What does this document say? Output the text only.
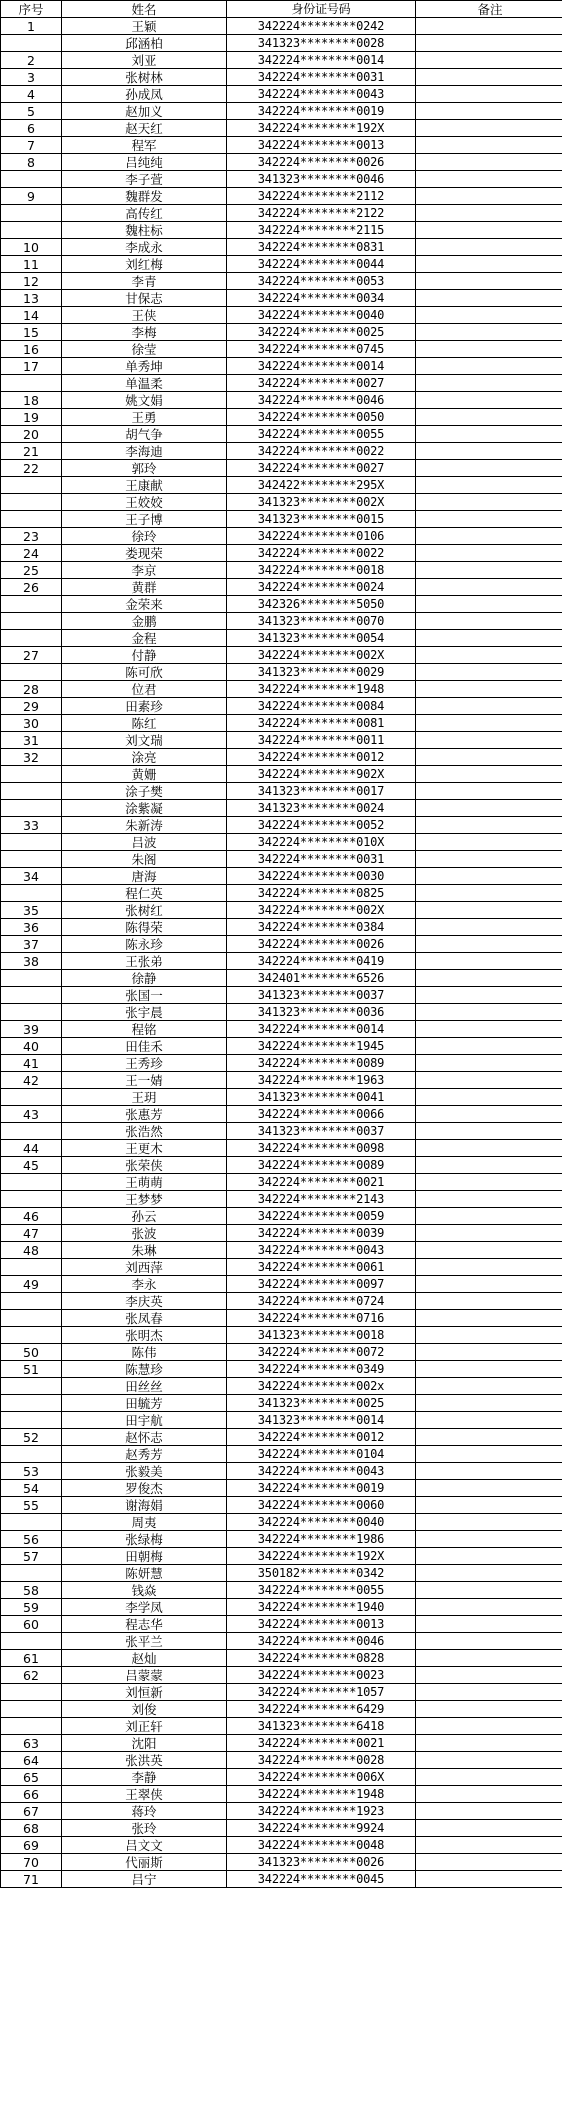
序号	姓名	身份证号码	备注
1	王颖	342224********0242	
	邱涵柏	341323********0028	
2	刘亚	342224********0014	
3	张树林	342224********0031	
4	孙成凤	342224********0043	
5	赵加义	342224********0019	
6	赵天红	342224********192X	
7	程军	342224********0013	
8	吕纯纯	342224********0026	
	李子萱	341323********0046	
9	魏群发	342224********2112	
	高传红	342224********2122	
	魏柱标	342224********2115	
10	李成永	342224********0831	
11	刘红梅	342224********0044	
12	李青	342224********0053	
13	甘保志	342224********0034	
14	王侠	342224********0040	
15	李梅	342224********0025	
16	徐莹	342224********0745	
17	单秀坤	342224********0014	
	单温柔	342224********0027	
18	姚文娟	342224********0046	
19	王勇	342224********0050	
20	胡气争	342224********0055	
21	李海迪	342224********0022	
22	郭玲	342224********0027	
	王康献	342422********295X	
	王姣姣	341323********002X	
	王子博	341323********0015	
23	徐玲	342224********0106	
24	娄现荣	342224********0022	
25	李京	342224********0018	
26	黄群	342224********0024	
	金荣来	342326********5050	
	金鹏	341323********0070	
	金程	341323********0054	
27	付静	342224********002X	
	陈可欣	341323********0029	
28	位君	342224********1948	
29	田素珍	342224********0084	
30	陈红	342224********0081	
31	刘文瑞	342224********0011	
32	涂亮	342224********0012	
	黄姗	342224********902X	
	涂子樊	341323********0017	
	涂紫凝	341323********0024	
33	朱新涛	342224********0052	
	吕波	342224********010X	
	朱阁	342224********0031	
34	唐海	342224********0030	
	程仁英	342224********0825	
35	张树红	342224********002X	
36	陈得荣	342224********0384	
37	陈永珍	342224********0026	
38	王张弟	342224********0419	
	徐静	342401********6526	
	张国一	341323********0037	
	张宇晨	341323********0036	
39	程铭	342224********0014	
40	田佳禾	342224********1945	
41	王秀珍	342224********0089	
42	王一婧	342224********1963	
	王玥	341323********0041	
43	张惠芳	342224********0066	
	张浩然	341323********0037	
44	王更木	342224********0098	
45	张荣侠	342224********0089	
	王萌萌	342224********0021	
	王梦梦	342224********2143	
46	孙云	342224********0059	
47	张波	342224********0039	
48	朱琳	342224********0043	
	刘西萍	342224********0061	
49	李永	342224********0097	
	李庆英	342224********0724	
	张凤春	342224********0716	
	张明杰	341323********0018	
50	陈伟	342224********0072	
51	陈慧珍	342224********0349	
	田丝丝	342224********002x	
	田毓芳	341323********0025	
	田宇航	341323********0014	
52	赵怀志	342224********0012	
	赵秀芳	342224********0104	
53	张毅美	342224********0043	
54	罗俊杰	342224********0019	
55	谢海娟	342224********0060	
	周夷	342224********0040	
56	张绿梅	342224********1986	
57	田朝梅	342224********192X	
	陈妍慧	350182********0342	
58	钱焱	342224********0055	
59	李学凤	342224********1940	
60	程志华	342224********0013	
	张平兰	342224********0046	
61	赵灿	342224********0828	
62	吕蒙蒙	342224********0023	
	刘恒新	342224********1057	
	刘俊	342224********6429	
	刘正轩	341323********6418	
63	沈阳	342224********0021	
64	张洪英	342224********0028	
65	李静	342224********006X	
66	王翠侠	342224********1948	
67	蒋玲	342224********1923	
68	张玲	342224********9924	
69	吕文文	342224********0048	
70	代丽斯	341323********0026	
71	吕宁	342224********0045	
